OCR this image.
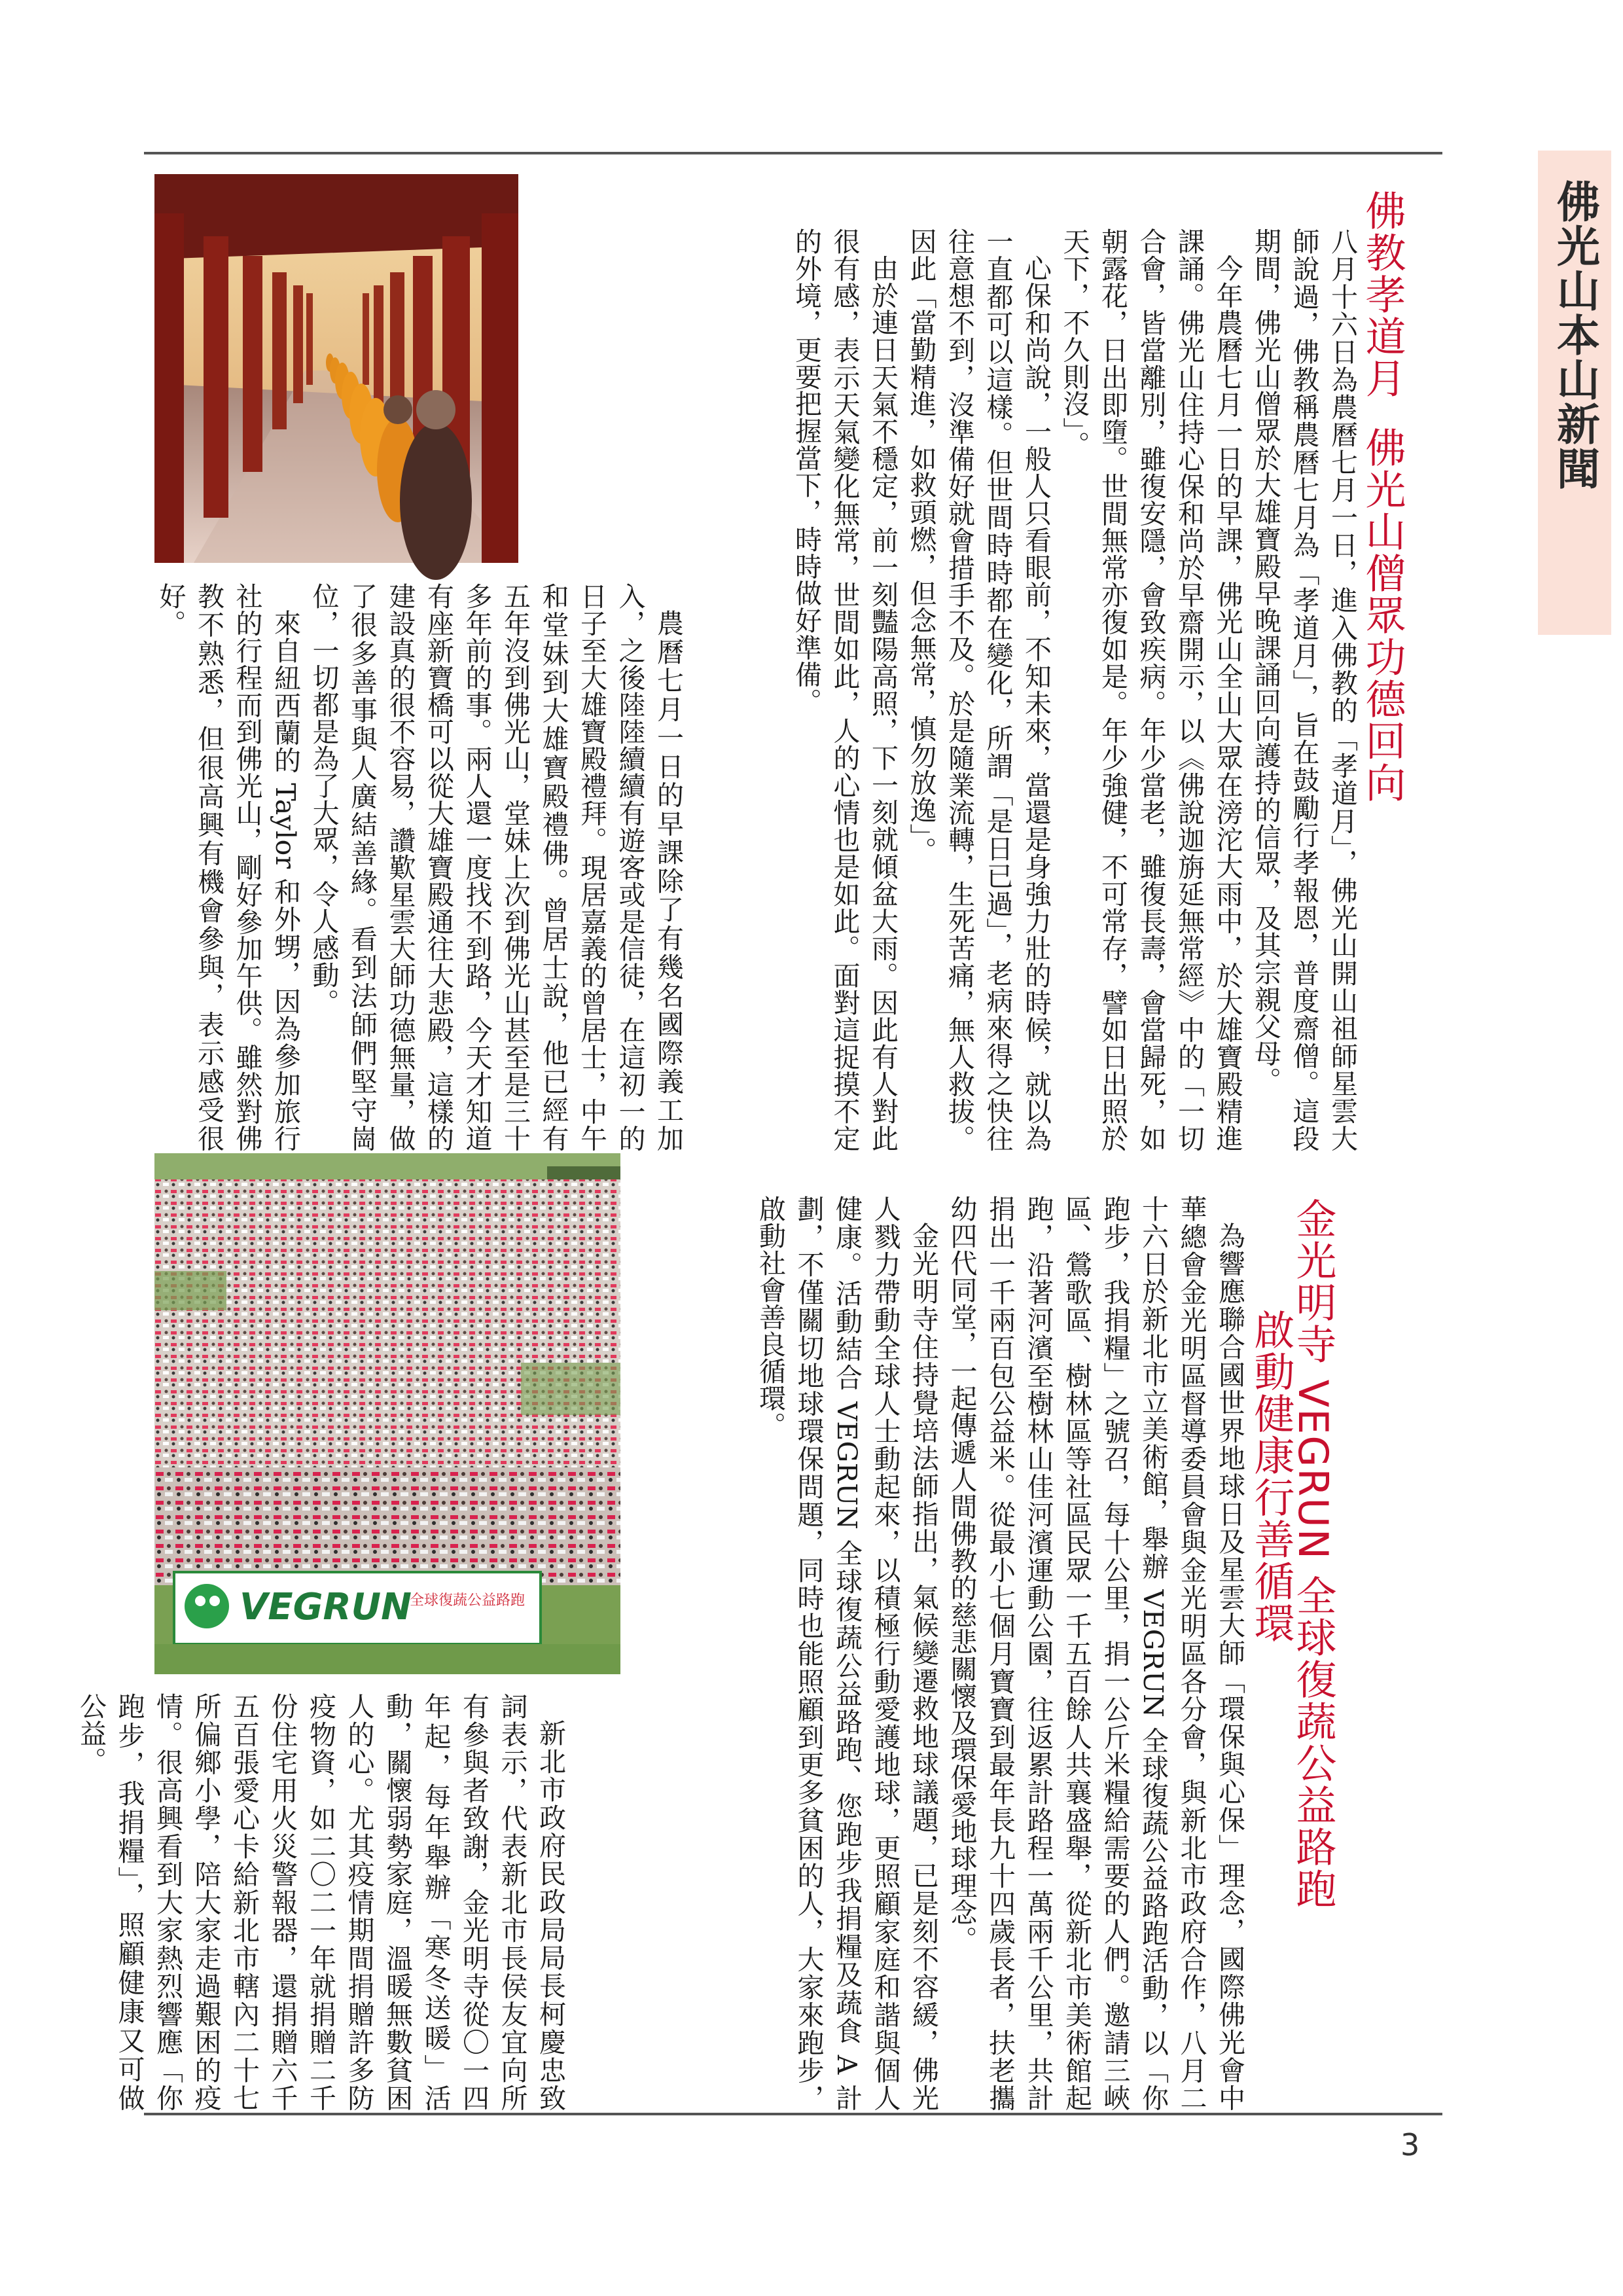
佛光山本山新聞
佛教孝道月
佛光山僧眾功德回向

八月十六日為農曆七月一日，進入佛教的「孝道月」，佛光山開山祖師星雲大師說過，佛教稱農曆七月為「孝道月」，旨在鼓勵行孝報恩，普度齋僧。這段期間，佛光山僧眾於大雄寶殿早晚課誦回向護持的信眾，及其宗親父母。

今年農曆七月一日的早課，佛光山全山大眾在滂沱大雨中，於大雄寶殿精進課誦。佛光山住持心保和尚於早齋開示，以《佛說迦旃延無常經》中的「一切合會，皆當離別，雖復安隱，會致疾病。年少當老，雖復長壽，會當歸死，如朝露花，日出即墮。世間無常亦復如是。年少強健，不可常存，譬如日出照於天下，不久則沒」。

心保和尚說，一般人只看眼前，不知未來，當還是身強力壯的時候，就以為一直都可以這樣。但世間時時都在變化，所謂「是日已過」，老病來得之快往往意想不到，沒準備好就會措手不及。於是隨業流轉，生死苦痛，無人救拔。因此「當勤精進，如救頭燃，但念無常，慎勿放逸」。

由於連日天氣不穩定，前一刻豔陽高照，下一刻就傾盆大雨。因此有人對此很有感，表示天氣變化無常，世間如此，人的心情也是如此。面對這捉摸不定的外境，更要把握當下，時時做好準備。

農曆七月一日的早課除了有幾名國際義工加入，之後陸陸續續有遊客或是信徒，在這初一的日子至大雄寶殿禮拜。現居嘉義的曾居士，中午和堂妹到大雄寶殿禮佛。曾居士說，他已經有 五年沒到佛光山，堂妹上次到佛光山甚至是三十多年前的事。兩人還一度找不到路，今天才知道有座新寶橋可以從大雄寶殿通往大悲殿，這樣的建設真的很不容易，讚歎星雲大師功德無量，做了很多善事與人廣結善緣。看到法師們堅守崗位，一切都是為了大眾，令人感動。

來自紐西蘭的 Taylor 和外甥，因為參加旅行社的行程而到佛光山，剛好參加午供。雖然對佛教不熟悉，但很高興有機會參與，表示感受很好。

金光明寺 VEGRUN 全球復蔬公益路跑
啟動健康行善循環

為響應聯合國世界地球日及星雲大師「環保與心保」理念，國際佛光會中華總會金光明區督導委員會與金光明區各分會，與新北市政府合作，八月二十六日於新北市立美術館，舉辦 VEGRUN 全球復蔬公益路跑活動，以「你跑步，我捐糧」之號召，每十公里，捐一公斤米糧給需要的人們。邀請三峽區、鶯歌區、樹林區等社區民眾一千五百餘人共襄盛舉，從新北市美術館起跑，沿著河濱至樹林山佳河濱運動公園，往返累計路程一萬兩千公里，共計捐出一千兩百包公益米。從最小七個月寶寶到最年長九十四歲長者，扶老攜幼四代同堂，一起傳遞人間佛教的慈悲關懷及環保愛地球理念。

金光明寺住持覺培法師指出，氣候變遷救地球議題，已是刻不容緩，佛光人戮力帶動全球人士動起來，以積極行動愛護地球，更照顧家庭和諧與個人健康。活動結合 VEGRUN 全球復蔬公益路跑、您跑步我捐糧及蔬食 A 計劃，不僅關切地球環保問題，同時也能照顧到更多貧困的人，大家來跑步，啟動社會善良循環。

新北市政府民政局局長柯慶忠致詞表示，代表新北市長侯友宜向所有參與者致謝，金光明寺從〇一四年起，每年舉辦「寒冬送暖」活動，關懷弱勢家庭，溫暖無數貧困人的心。尤其疫情期間捐贈許多防疫物資，如二〇二一年就捐贈二千份住宅用火災警報器，還捐贈六千五百張愛心卡給新北市轄內二十七所偏鄉小學，陪大家走過艱困的疫情。很高興看到大家熱烈響應「你跑步，我捐糧」，照顧健康又可做公益。

VEGRUN
全球復蔬公益路跑
3
